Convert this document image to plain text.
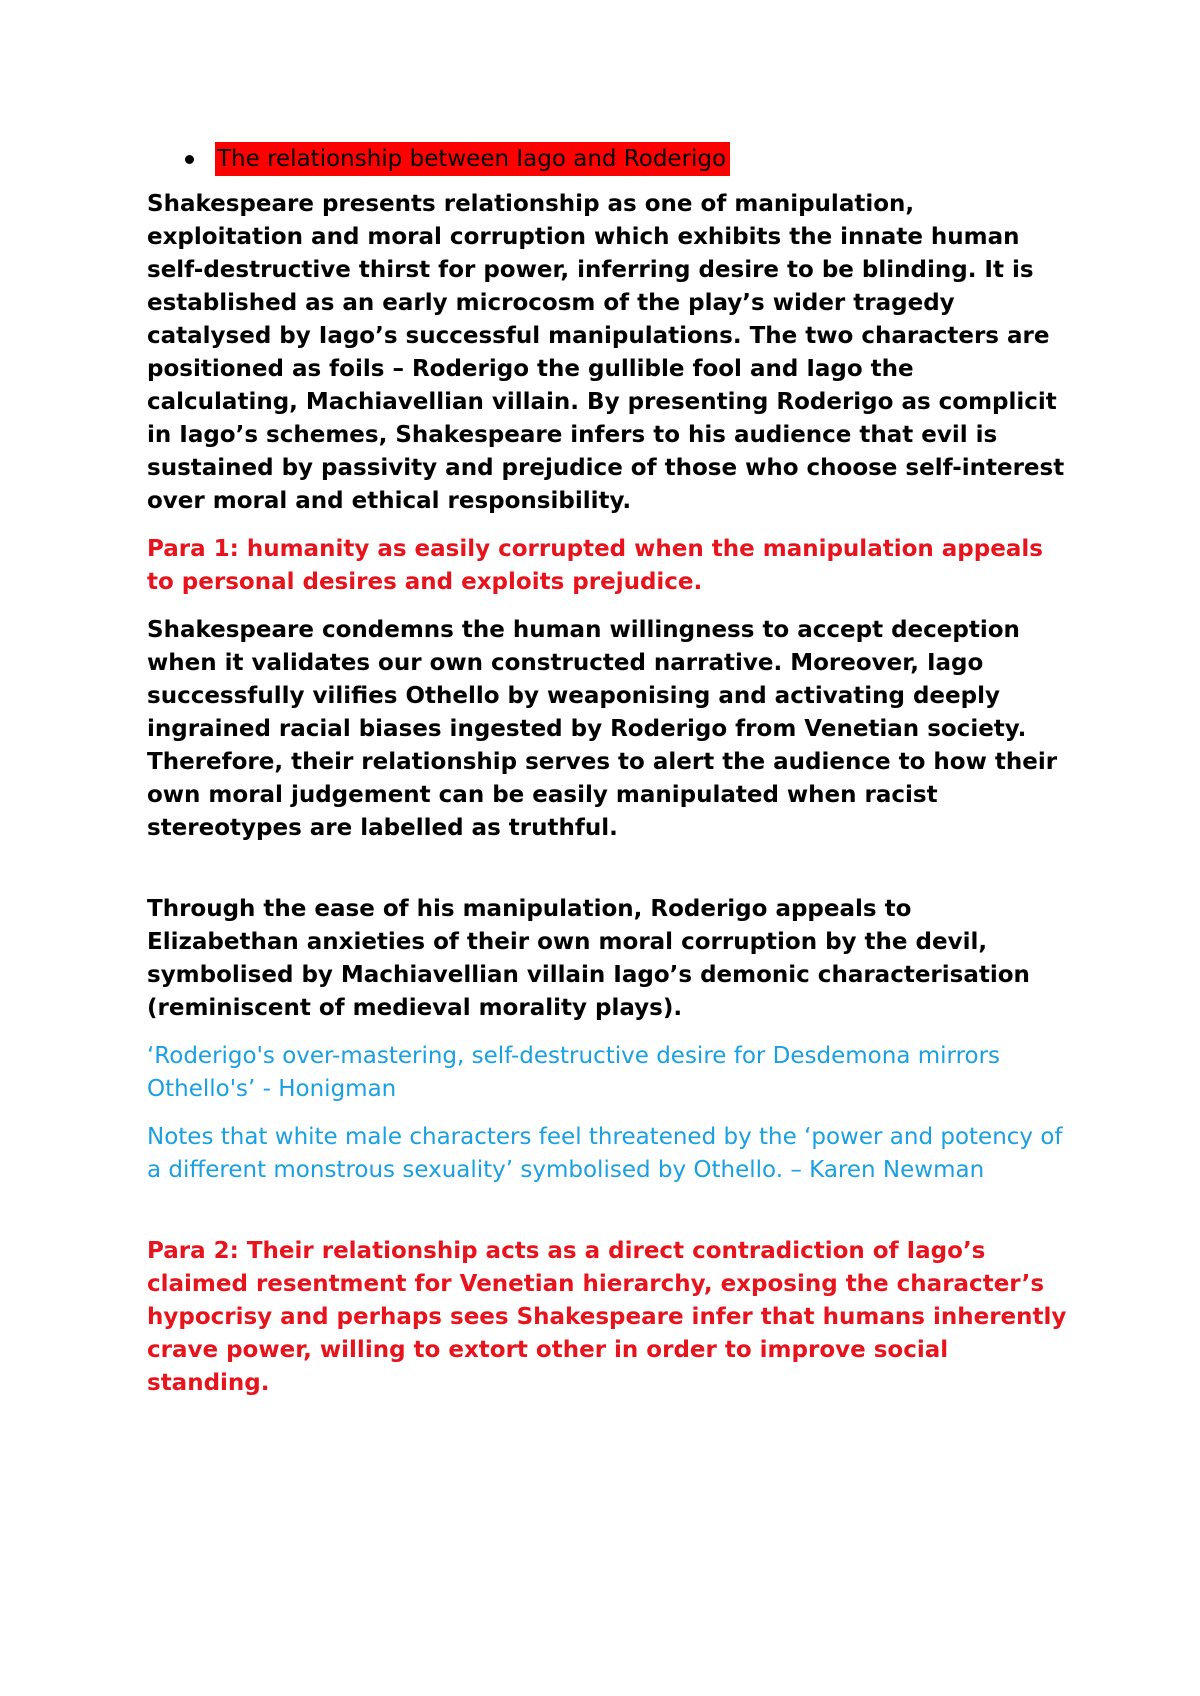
The relationship between Iago and Roderigo

Shakespeare presents relationship as one of manipulation, exploitation and moral corruption which exhibits the innate human self-destructive thirst for power, inferring desire to be blinding. It is established as an early microcosm of the play’s wider tragedy catalysed by Iago’s successful manipulations. The two characters are positioned as foils – Roderigo the gullible fool and Iago the calculating, Machiavellian villain. By presenting Roderigo as complicit in Iago’s schemes, Shakespeare infers to his audience that evil is sustained by passivity and prejudice of those who choose self-interest over moral and ethical responsibility.

Para 1: humanity as easily corrupted when the manipulation appeals to personal desires and exploits prejudice.

Shakespeare condemns the human willingness to accept deception when it validates our own constructed narrative. Moreover, Iago successfully vilifies Othello by weaponising and activating deeply ingrained racial biases ingested by Roderigo from Venetian society. Therefore, their relationship serves to alert the audience to how their own moral judgement can be easily manipulated when racist stereotypes are labelled as truthful.

Through the ease of his manipulation, Roderigo appeals to Elizabethan anxieties of their own moral corruption by the devil, symbolised by Machiavellian villain Iago’s demonic characterisation (reminiscent of medieval morality plays).

‘Roderigo's over-mastering, self-destructive desire for Desdemona mirrors Othello's’ - Honigman

Notes that white male characters feel threatened by the ‘power and potency of a different monstrous sexuality’ symbolised by Othello. – Karen Newman

Para 2: Their relationship acts as a direct contradiction of Iago’s claimed resentment for Venetian hierarchy, exposing the character’s hypocrisy and perhaps sees Shakespeare infer that humans inherently crave power, willing to extort other in order to improve social standing.
